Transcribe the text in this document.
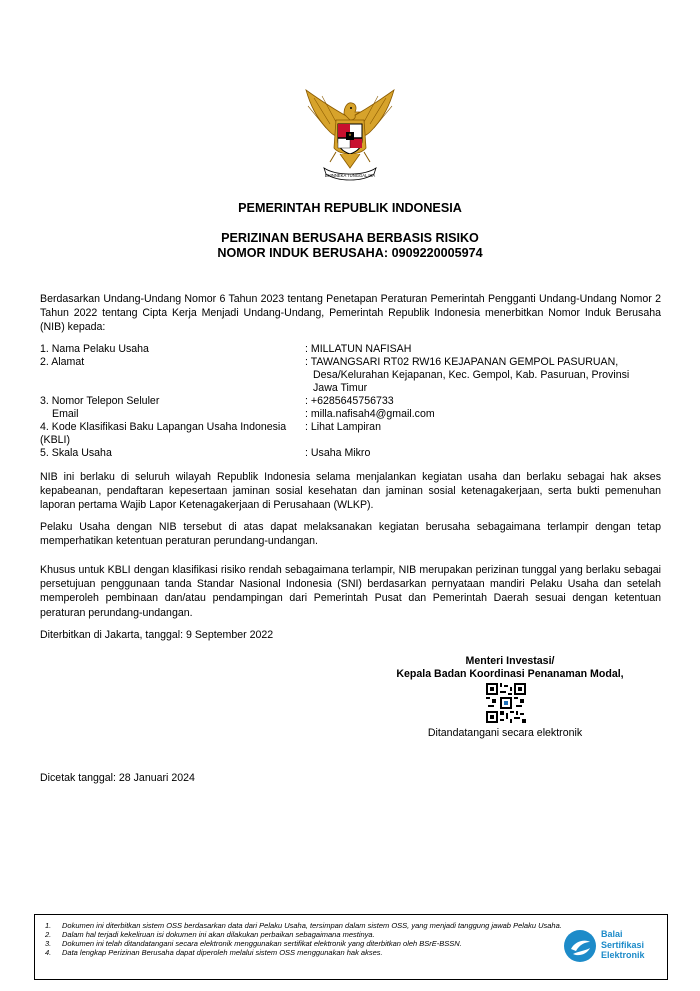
BHINNEKA TUNGGAL IKA
PEMERINTAH REPUBLIK INDONESIA
PERIZINAN BERUSAHA BERBASIS RISIKO
NOMOR INDUK BERUSAHA: 0909220005974
Berdasarkan Undang-Undang Nomor 6 Tahun 2023 tentang Penetapan Peraturan Pemerintah Pengganti Undang-Undang Nomor 2 Tahun 2022 tentang Cipta Kerja Menjadi Undang-Undang, Pemerintah Republik Indonesia menerbitkan Nomor Induk Berusaha (NIB) kepada:
1. Nama Pelaku Usaha	: MILLATUN NAFISAH
2. Alamat	: TAWANGSARI RT02 RW16 KEJAPANAN GEMPOL PASURUAN,
Desa/Kelurahan Kejapanan, Kec. Gempol, Kab. Pasuruan, Provinsi Jawa Timur
3. Nomor Telepon Seluler	: +6285645756733
Email	: milla.nafisah4@gmail.com
4. Kode Klasifikasi Baku Lapangan Usaha Indonesia (KBLI)
: Lihat Lampiran
5. Skala Usaha	: Usaha Mikro
NIB ini berlaku di seluruh wilayah Republik Indonesia selama menjalankan kegiatan usaha dan berlaku sebagai hak akses kepabeanan, pendaftaran kepesertaan jaminan sosial kesehatan dan jaminan sosial ketenagakerjaan, serta bukti pemenuhan laporan pertama Wajib Lapor Ketenagakerjaan di Perusahaan (WLKP).
Pelaku Usaha dengan NIB tersebut di atas dapat melaksanakan kegiatan berusaha sebagaimana terlampir dengan tetap memperhatikan ketentuan peraturan perundang-undangan.
Khusus untuk KBLI dengan klasifikasi risiko rendah sebagaimana terlampir, NIB merupakan perizinan tunggal yang berlaku sebagai persetujuan penggunaan tanda Standar Nasional Indonesia (SNI) berdasarkan pernyataan mandiri Pelaku Usaha dan setelah memperoleh pembinaan dan/atau pendampingan dari Pemerintah Pusat dan Pemerintah Daerah sesuai dengan ketentuan peraturan perundang-undangan.
Diterbitkan di Jakarta, tanggal: 9 September 2022
Menteri Investasi/
Kepala Badan Koordinasi Penanaman Modal,
Ditandatangani secara elektronik
Dicetak tanggal: 28 Januari 2024
1. Dokumen ini diterbitkan sistem OSS berdasarkan data dari Pelaku Usaha, tersimpan dalam sistem OSS, yang menjadi tanggung jawab Pelaku Usaha.
2. Dalam hal terjadi kekeliruan isi dokumen ini akan dilakukan perbaikan sebagaimana mestinya.
3. Dokumen ini telah ditandatangani secara elektronik menggunakan sertifikat elektronik yang diterbitkan oleh BSrE-BSSN.
4. Data lengkap Perizinan Berusaha dapat diperoleh melalui sistem OSS menggunakan hak akses.
Balai
Sertifikasi
Elektronik
